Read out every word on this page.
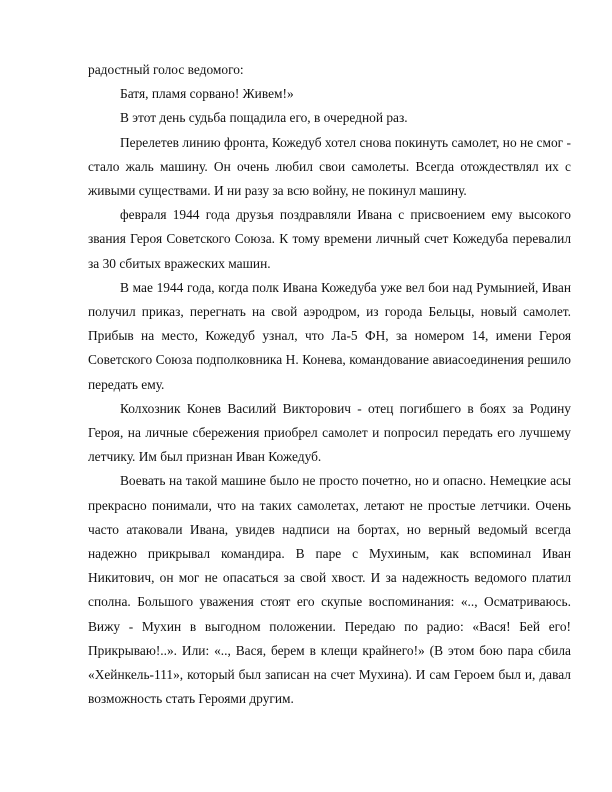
радостный голос ведомого:

Батя, пламя сорвано! Живем!»

В этот день судьба пощадила его, в очередной раз.

Перелетев линию фронта, Кожедуб хотел снова покинуть самолет, но не смог - стало жаль машину. Он очень любил свои самолеты. Всегда отождествлял их с живыми существами. И ни разу за всю войну, не покинул машину.

февраля 1944 года друзья поздравляли Ивана с присвоением ему высокого звания Героя Советского Союза. К тому времени личный счет Кожедуба перевалил за 30 сбитых вражеских машин.

В мае 1944 года, когда полк Ивана Кожедуба уже вел бои над Румынией, Иван получил приказ, перегнать на свой аэродром, из города Бельцы, новый самолет. Прибыв на место, Кожедуб узнал, что Ла-5 ФН, за номером 14, имени Героя Советского Союза подполковника Н. Конева, командование авиасоединения решило передать ему.

Колхозник Конев Василий Викторович - отец погибшего в боях за Родину Героя, на личные сбережения приобрел самолет и попросил передать его лучшему летчику. Им был признан Иван Кожедуб.

Воевать на такой машине было не просто почетно, но и опасно. Немецкие асы прекрасно понимали, что на таких самолетах, летают не простые летчики. Очень часто атаковали Ивана, увидев надписи на бортах, но верный ведомый всегда надежно прикрывал командира. В паре с Мухиным, как вспоминал Иван Никитович, он мог не опасаться за свой хвост. И за надежность ведомого платил сполна. Большого уважения стоят его скупые воспоминания: «.., Осматриваюсь. Вижу - Мухин в выгодном положении. Передаю по радио: «Вася! Бей его! Прикрываю!..». Или: «.., Вася, берем в клещи крайнего!» (В этом бою пара сбила «Хейнкель-111», который был записан на счет Мухина). И сам Героем был и, давал возможность стать Героями другим.
